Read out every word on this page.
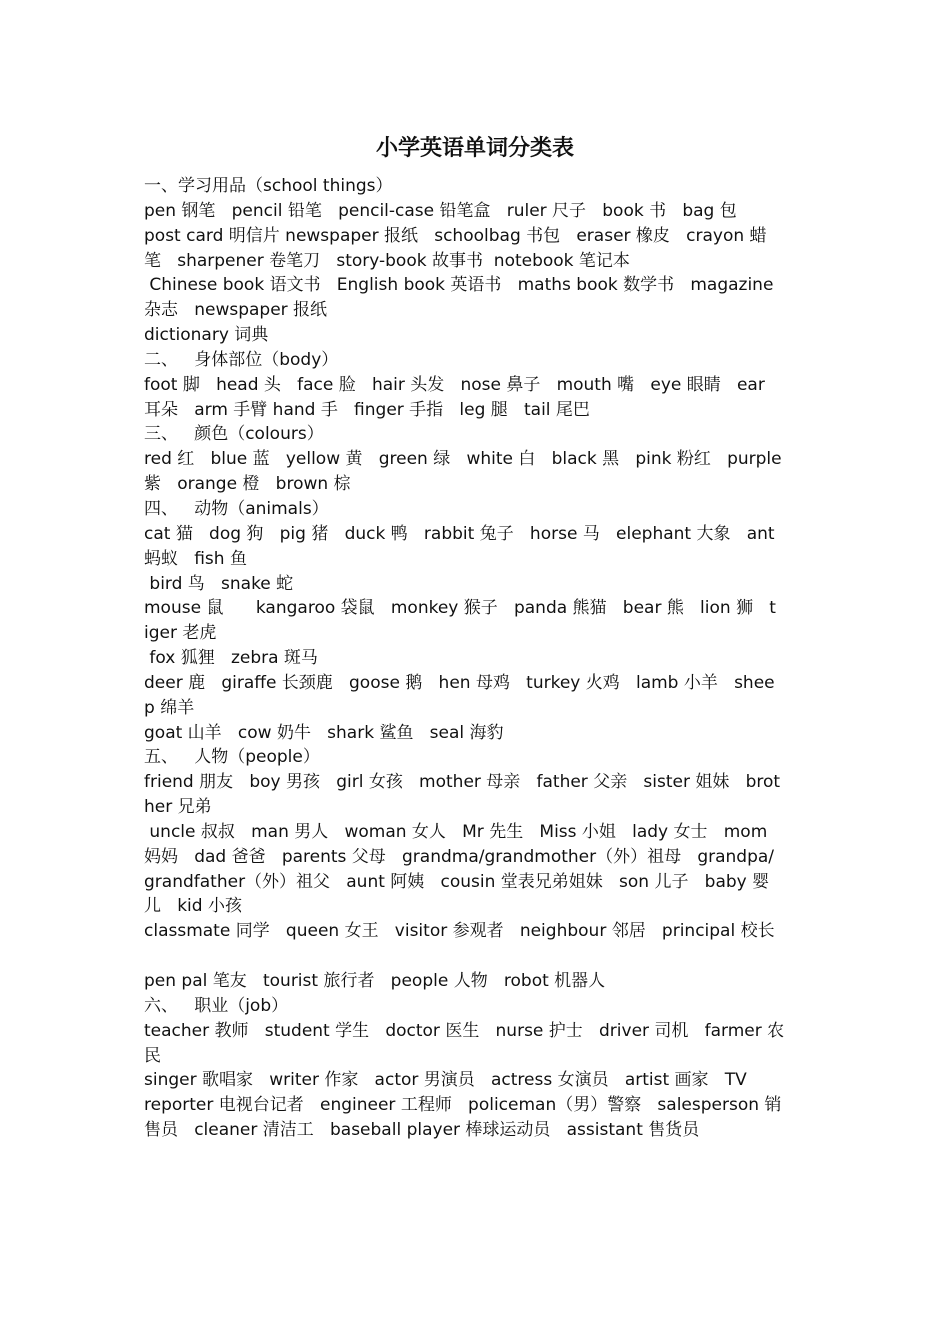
小学英语单词分类表
一、学习用品（school things）
pen 钢笔   pencil 铅笔   pencil-case 铅笔盒   ruler 尺子   book 书   bag 包
post card 明信片 newspaper 报纸   schoolbag 书包   eraser 橡皮   crayon 蜡
笔   sharpener 卷笔刀   story-book 故事书  notebook 笔记本
Chinese book 语文书   English book 英语书   maths book 数学书   magazine
杂志   newspaper 报纸
dictionary 词典
二、   身体部位（body）
foot 脚   head 头   face 脸   hair 头发   nose 鼻子   mouth 嘴   eye 眼睛   ear
耳朵   arm 手臂 hand 手   finger 手指   leg 腿   tail 尾巴
三、   颜色（colours）
red 红   blue 蓝   yellow 黄   green 绿   white 白   black 黑   pink 粉红   purple
紫   orange 橙   brown 棕
四、   动物（animals）
cat 猫   dog 狗   pig 猪   duck 鸭   rabbit 兔子   horse 马   elephant 大象   ant
蚂蚁   fish 鱼
bird 鸟   snake 蛇
mouse 鼠      kangaroo 袋鼠   monkey 猴子   panda 熊猫   bear 熊   lion 狮   t
iger 老虎
fox 狐狸   zebra 斑马
deer 鹿   giraffe 长颈鹿   goose 鹅   hen 母鸡   turkey 火鸡   lamb 小羊   shee
p 绵羊
goat 山羊   cow 奶牛   shark 鲨鱼   seal 海豹
五、   人物（people）
friend 朋友   boy 男孩   girl 女孩   mother 母亲   father 父亲   sister 姐妹   brot
her 兄弟
uncle 叔叔   man 男人   woman 女人   Mr 先生   Miss 小姐   lady 女士   mom
妈妈   dad 爸爸   parents 父母   grandma/grandmother（外）祖母   grandpa/
grandfather（外）祖父   aunt 阿姨   cousin 堂表兄弟姐妹   son 儿子   baby 婴
儿   kid 小孩
classmate 同学   queen 女王   visitor 参观者   neighbour 邻居   principal 校长
pen pal 笔友   tourist 旅行者   people 人物   robot 机器人
六、   职业（job）
teacher 教师   student 学生   doctor 医生   nurse 护士   driver 司机   farmer 农
民
singer 歌唱家   writer 作家   actor 男演员   actress 女演员   artist 画家   TV
reporter 电视台记者   engineer 工程师   policeman（男）警察   salesperson 销
售员   cleaner 清洁工   baseball player 棒球运动员   assistant 售货员
